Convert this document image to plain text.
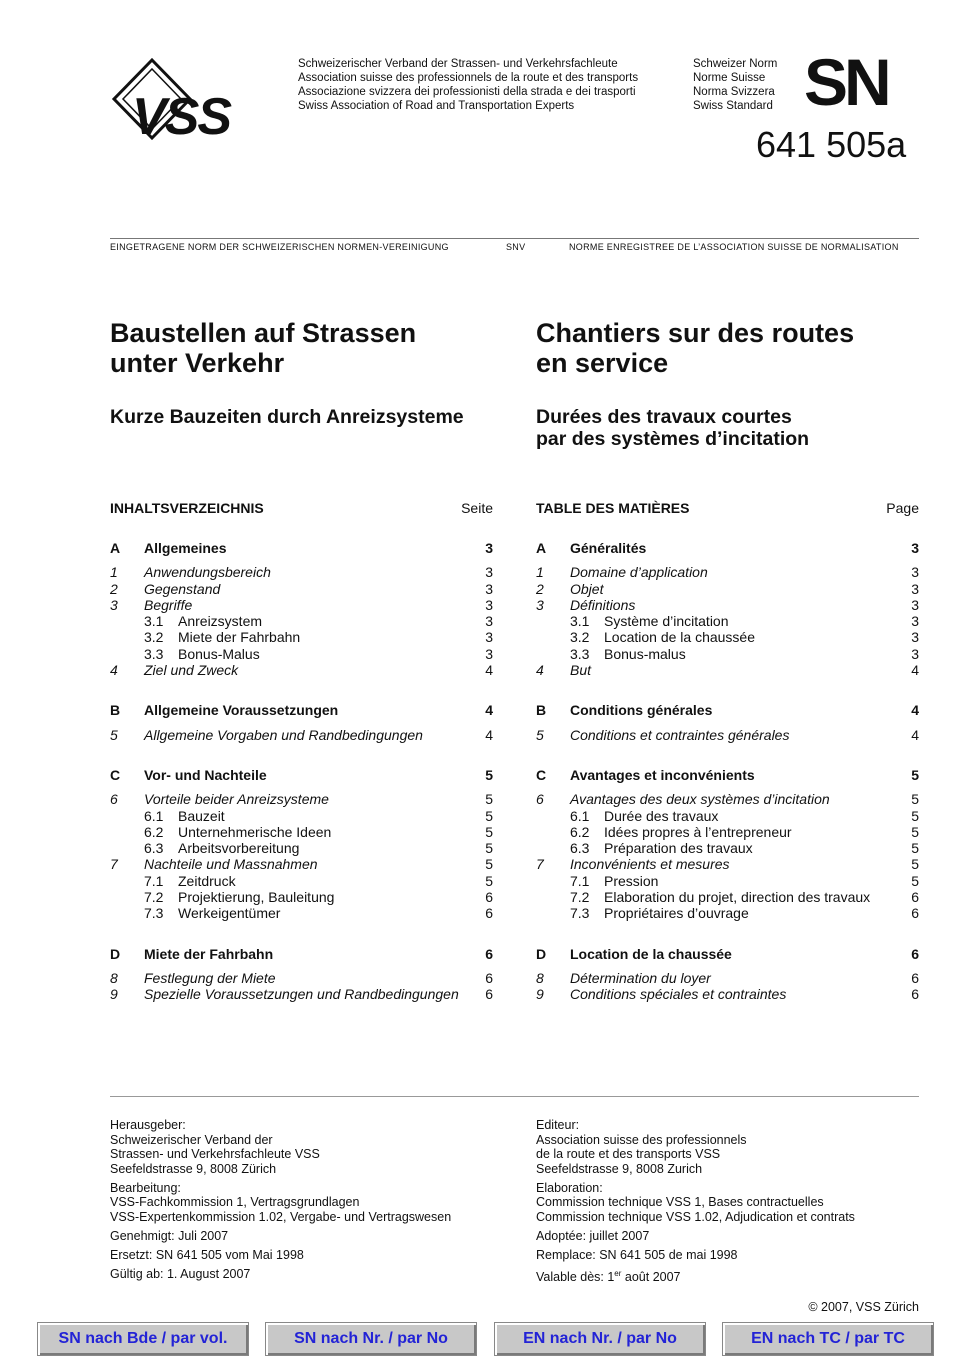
VSS
Schweizerischer Verband der Strassen- und Verkehrsfachleute
Association suisse des professionnels de la route et des transports
Associazione svizzera dei professionisti della strada e dei trasporti
Swiss Association of Road and Transportation Experts
Schweizer Norm
Norme Suisse
Norma Svizzera
Swiss Standard SN
641 505a
EINGETRAGENE NORM DER SCHWEIZERISCHEN NORMEN-VEREINIGUNG	SNV	NORME ENREGISTREE DE L’ASSOCIATION SUISSE DE NORMALISATION
Baustellen auf Strassen
unter Verkehr
Kurze Bauzeiten durch Anreizsysteme
Chantiers sur des routes
en service
Durées des travaux courtes
par des systèmes d’incitation
INHALTSVERZEICHNIS	Seite
A	Allgemeines	3
1	Anwendungsbereich	3
2	Gegenstand	3
3	Begriffe	3
3.1	Anreizsystem	3
3.2	Miete der Fahrbahn	3
3.3	Bonus-Malus	3
4	Ziel und Zweck	4
B	Allgemeine Voraussetzungen	4
5	Allgemeine Vorgaben und Randbedingungen	4
C	Vor- und Nachteile	5
6	Vorteile beider Anreizsysteme	5
6.1	Bauzeit	5
6.2	Unternehmerische Ideen	5
6.3	Arbeitsvorbereitung	5
7	Nachteile und Massnahmen	5
7.1	Zeitdruck	5
7.2	Projektierung, Bauleitung	6
7.3	Werkeigentümer	6
D	Miete der Fahrbahn	6
8	Festlegung der Miete	6
9	Spezielle Voraussetzungen und Randbedingungen	6
TABLE DES MATIÈRES	Page
A	Généralités	3
1	Domaine d’application	3
2	Objet	3
3	Définitions	3
3.1	Système d’incitation	3
3.2	Location de la chaussée	3
3.3	Bonus-malus	3
4	But	4
B	Conditions générales	4
5	Conditions et contraintes générales	4
C	Avantages et inconvénients	5
6	Avantages des deux systèmes d’incitation	5
6.1	Durée des travaux	5
6.2	Idées propres à l’entrepreneur	5
6.3	Préparation des travaux	5
7	Inconvénients et mesures	5
7.1	Pression	5
7.2	Elaboration du projet, direction des travaux	6
7.3	Propriétaires d’ouvrage	6
D	Location de la chaussée	6
8	Détermination du loyer	6
9	Conditions spéciales et contraintes	6
Herausgeber:
Schweizerischer Verband der
Strassen- und Verkehrsfachleute VSS
Seefeldstrasse 9, 8008 Zürich
Bearbeitung:
VSS-Fachkommission 1, Vertragsgrundlagen
VSS-Expertenkommission 1.02, Vergabe- und Vertragswesen
Genehmigt: Juli 2007
Ersetzt: SN 641 505 vom Mai 1998
Gültig ab: 1. August 2007
Editeur:
Association suisse des professionnels
de la route et des transports VSS
Seefeldstrasse 9, 8008 Zurich
Elaboration:
Commission technique VSS 1, Bases contractuelles
Commission technique VSS 1.02, Adjudication et contrats
Adoptée: juillet 2007
Remplace: SN 641 505 de mai 1998
Valable dès: 1er août 2007
© 2007, VSS Zürich
SN nach Bde / par vol.	SN nach Nr. / par No	EN nach Nr. / par No	EN nach TC / par TC
